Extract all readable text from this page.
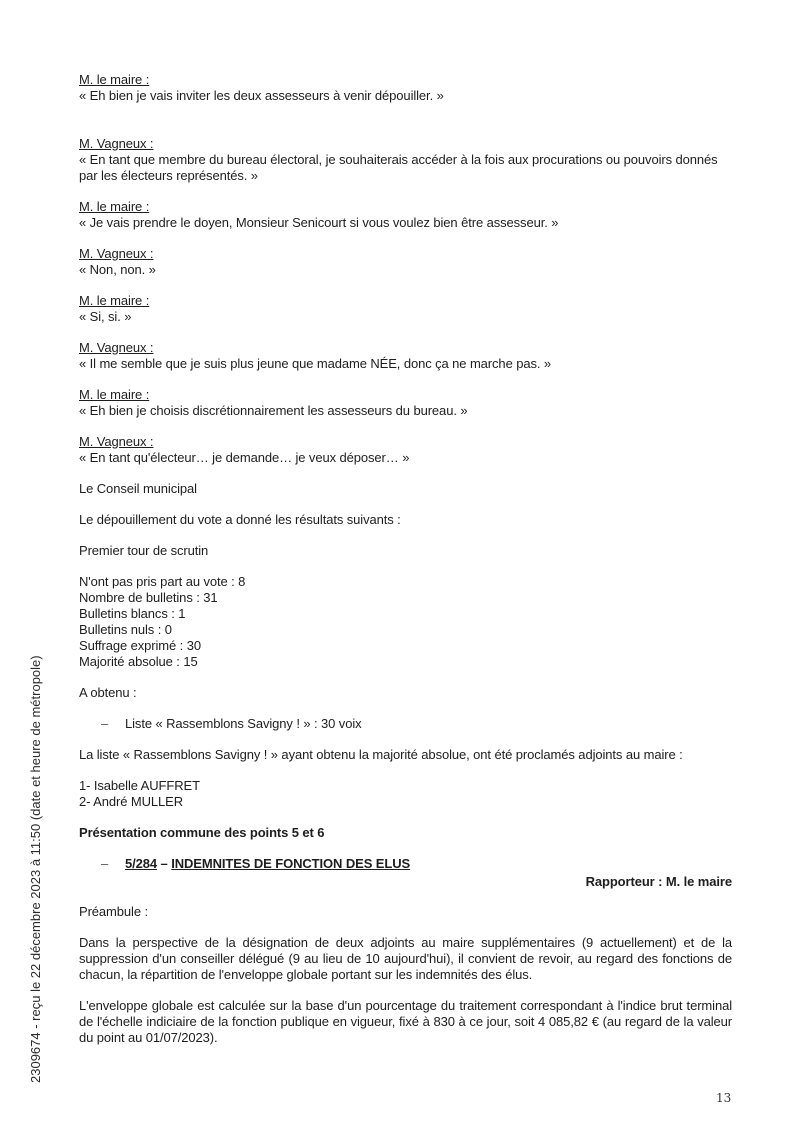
2309674 - reçu le 22 décembre 2023 à 11:50 (date et heure de métropole)
M. le maire :
« Eh bien je vais inviter les deux assesseurs à venir dépouiller. »
M. Vagneux :
« En tant que membre du bureau électoral, je souhaiterais accéder à la fois aux procurations ou pouvoirs donnés par les électeurs représentés. »
M. le maire :
« Je vais prendre le doyen, Monsieur Senicourt si vous voulez bien être assesseur. »
M. Vagneux :
« Non, non. »
M. le maire :
« Si, si. »
M. Vagneux :
« Il me semble que je suis plus jeune que madame NÉE, donc ça ne marche pas. »
M. le maire :
« Eh bien je choisis discrétionnairement les assesseurs du bureau. »
M. Vagneux :
« En tant qu'électeur… je demande… je veux déposer… »
Le Conseil municipal
Le dépouillement du vote a donné les résultats suivants :
Premier tour de scrutin
N'ont pas pris part au vote : 8
Nombre de bulletins : 31
Bulletins blancs : 1
Bulletins nuls : 0
Suffrage exprimé : 30
Majorité absolue : 15
A obtenu :
– Liste « Rassemblons Savigny ! » : 30 voix
La liste « Rassemblons Savigny ! » ayant obtenu la majorité absolue, ont été proclamés adjoints au maire :
1- Isabelle AUFFRET
2- André MULLER
Présentation commune des points 5 et 6
– 5/284 – INDEMNITES DE FONCTION DES ELUS
Rapporteur : M. le maire
Préambule :
Dans la perspective de la désignation de deux adjoints au maire supplémentaires (9 actuellement) et de la suppression d'un conseiller délégué (9 au lieu de 10 aujourd'hui), il convient de revoir, au regard des fonctions de chacun, la répartition de l'enveloppe globale portant sur les indemnités des élus.
L'enveloppe globale est calculée sur la base d'un pourcentage du traitement correspondant à l'indice brut terminal de l'échelle indiciaire de la fonction publique en vigueur, fixé à 830 à ce jour, soit 4 085,82 € (au regard de la valeur du point au 01/07/2023).
13
